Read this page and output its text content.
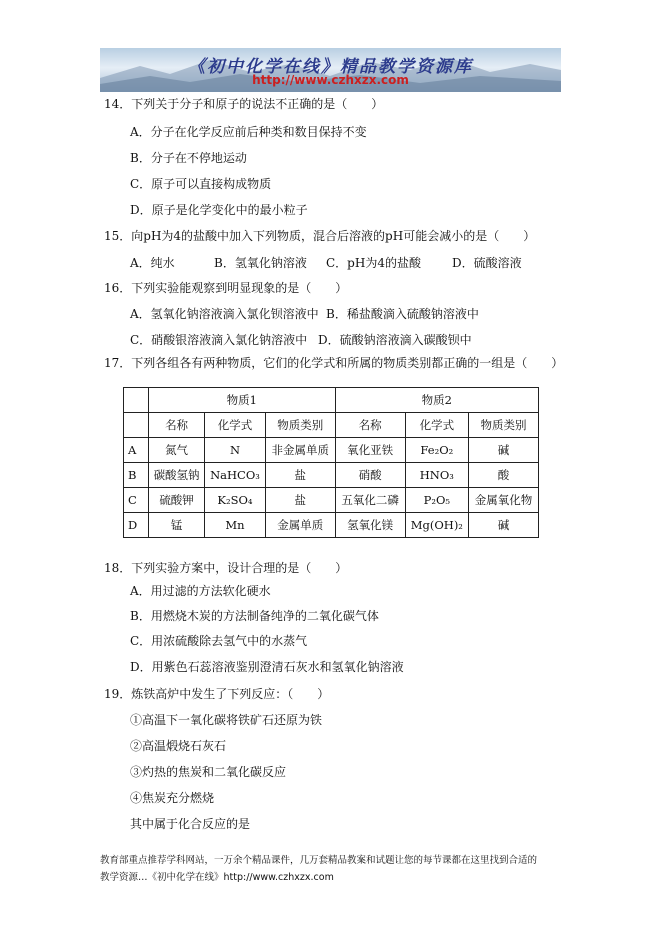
《初中化学在线》精品教学资源库
http://www.czhxzx.com
14．下列关于分子和原子的说法不正确的是（　　）
A．分子在化学反应前后种类和数目保持不变
B．分子在不停地运动
C．原子可以直接构成物质
D．原子是化学变化中的最小粒子
15．向pH为4的盐酸中加入下列物质，混合后溶液的pH可能会减小的是（　　）
A．纯水	B．氢氧化钠溶液 C．pH为4的盐酸	D．硫酸溶液
16．下列实验能观察到明显现象的是（　　）
A．氢氧化钠溶液滴入氯化钡溶液中 B．稀盐酸滴入硫酸钠溶液中
C．硝酸银溶液滴入氯化钠溶液中 D．硫酸钠溶液滴入碳酸钡中
17．下列各组各有两种物质，它们的化学式和所属的物质类别都正确的一组是（　　）
	物质1			物质2		
	名称	化学式	物质类别	名称	化学式	物质类别
A	氮气	N	非金属单质	氧化亚铁	Fe₂O₂	碱
B	碳酸氢钠	NaHCO₃	盐	硝酸	HNO₃	酸
C	硫酸钾	K₂SO₄	盐	五氧化二磷	P₂O₅	金属氧化物
D	锰	Mn	金属单质	氢氧化镁	Mg(OH)₂	碱
18．下列实验方案中，设计合理的是（　　）
A．用过滤的方法软化硬水
B．用燃烧木炭的方法制备纯净的二氧化碳气体
C．用浓硫酸除去氢气中的水蒸气
D．用紫色石蕊溶液鉴别澄清石灰水和氢氧化钠溶液
19．炼铁高炉中发生了下列反应：（　　）
①高温下一氧化碳将铁矿石还原为铁
②高温煅烧石灰石
③灼热的焦炭和二氧化碳反应
④焦炭充分燃烧
其中属于化合反应的是
教育部重点推荐学科网站，一万余个精品课件，几万套精品教案和试题让您的每节课都在这里找到合适的
教学资源…《初中化学在线》http://www.czhxzx.com
